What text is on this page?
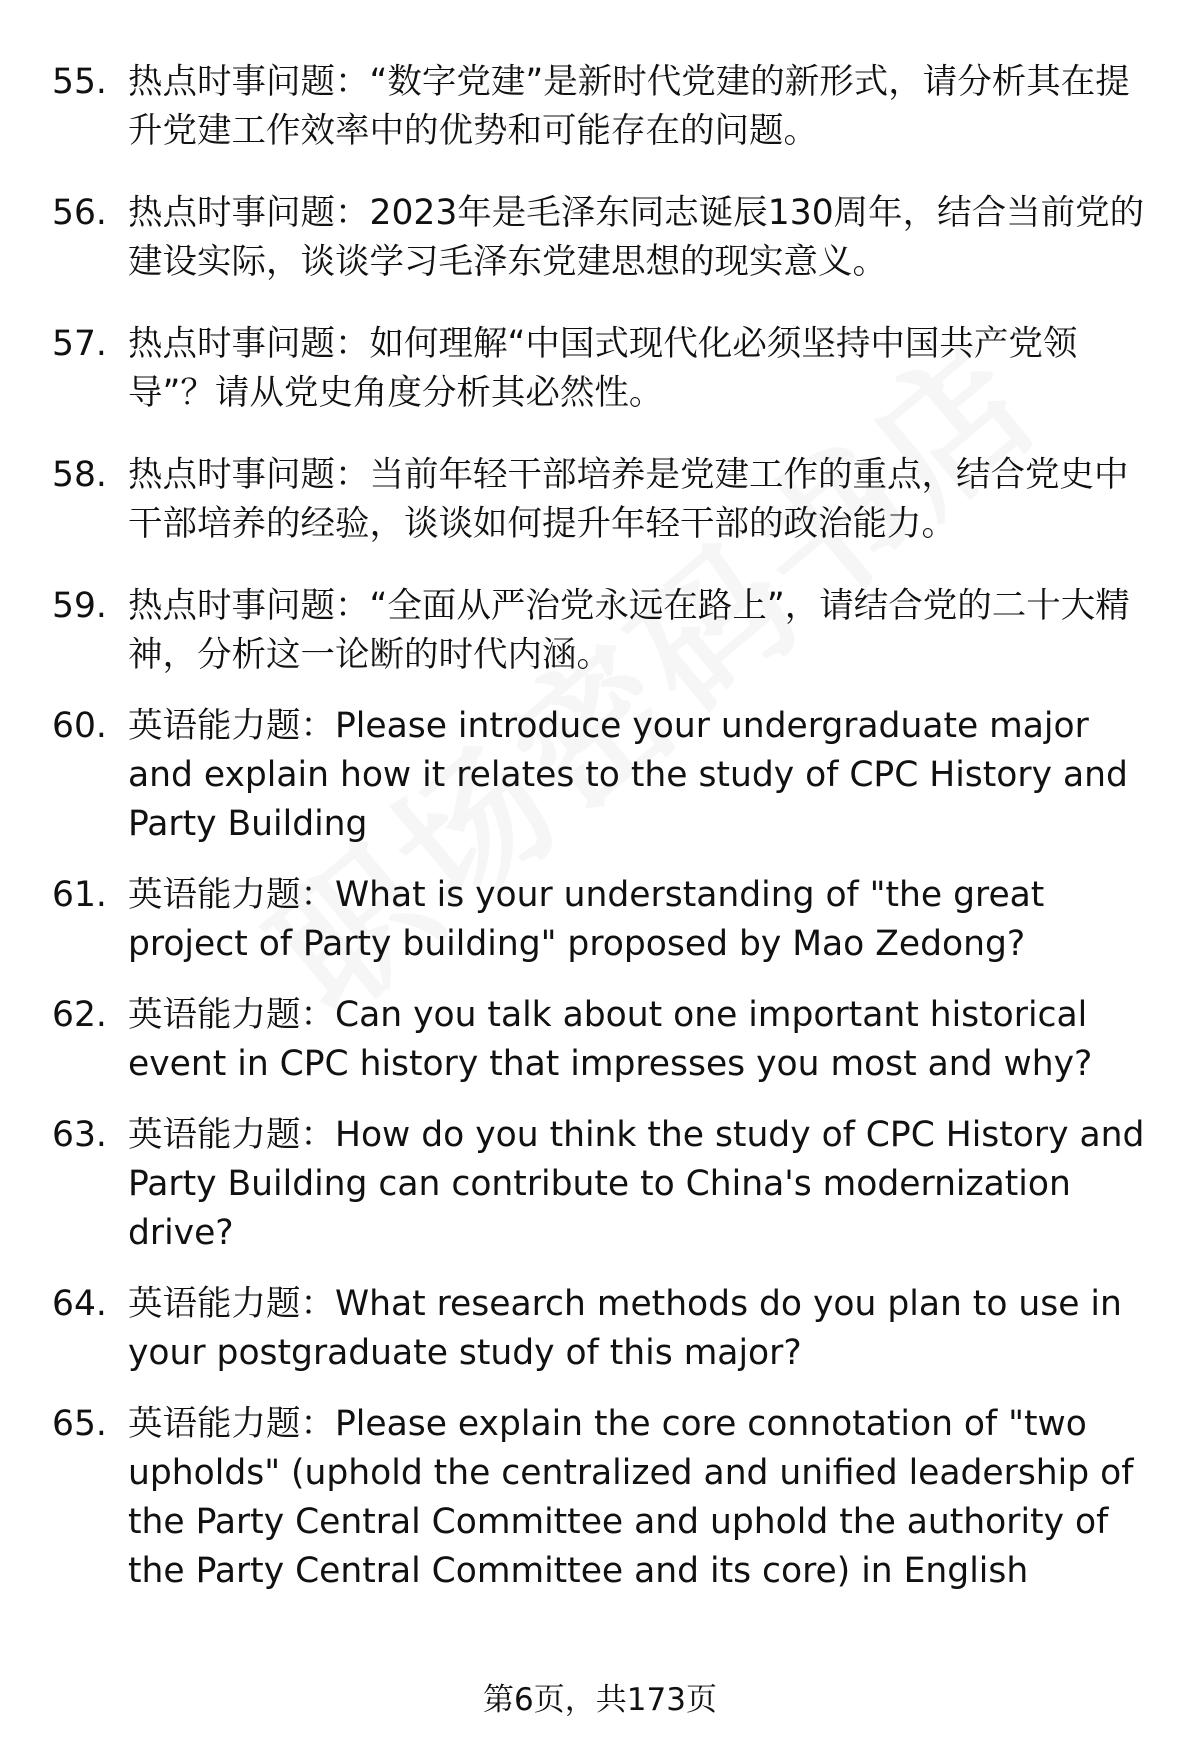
55. 热点时事问题：“数字党建”是新时代党建的新形式，请分析其在提升党建工作效率中的优势和可能存在的问题。
56. 热点时事问题：2023年是毛泽东同志诞辰130周年，结合当前党的建设实际，谈谈学习毛泽东党建思想的现实意义。
57. 热点时事问题：如何理解“中国式现代化必须坚持中国共产党领导”？请从党史角度分析其必然性。
58. 热点时事问题：当前年轻干部培养是党建工作的重点，结合党史中干部培养的经验，谈谈如何提升年轻干部的政治能力。
59. 热点时事问题：“全面从严治党永远在路上”，请结合党的二十大精神，分析这一论断的时代内涵。
60. 英语能力题：Please introduce your undergraduate major and explain how it relates to the study of CPC History and Party Building
61. 英语能力题：What is your understanding of "the great project of Party building" proposed by Mao Zedong?
62. 英语能力题：Can you talk about one important historical event in CPC history that impresses you most and why?
63. 英语能力题：How do you think the study of CPC History and Party Building can contribute to China's modernization drive?
64. 英语能力题：What research methods do you plan to use in your postgraduate study of this major?
65. 英语能力题：Please explain the core connotation of "two upholds" (uphold the centralized and unified leadership of the Party Central Committee and uphold the authority of the Party Central Committee and its core) in English
第6页，共173页
